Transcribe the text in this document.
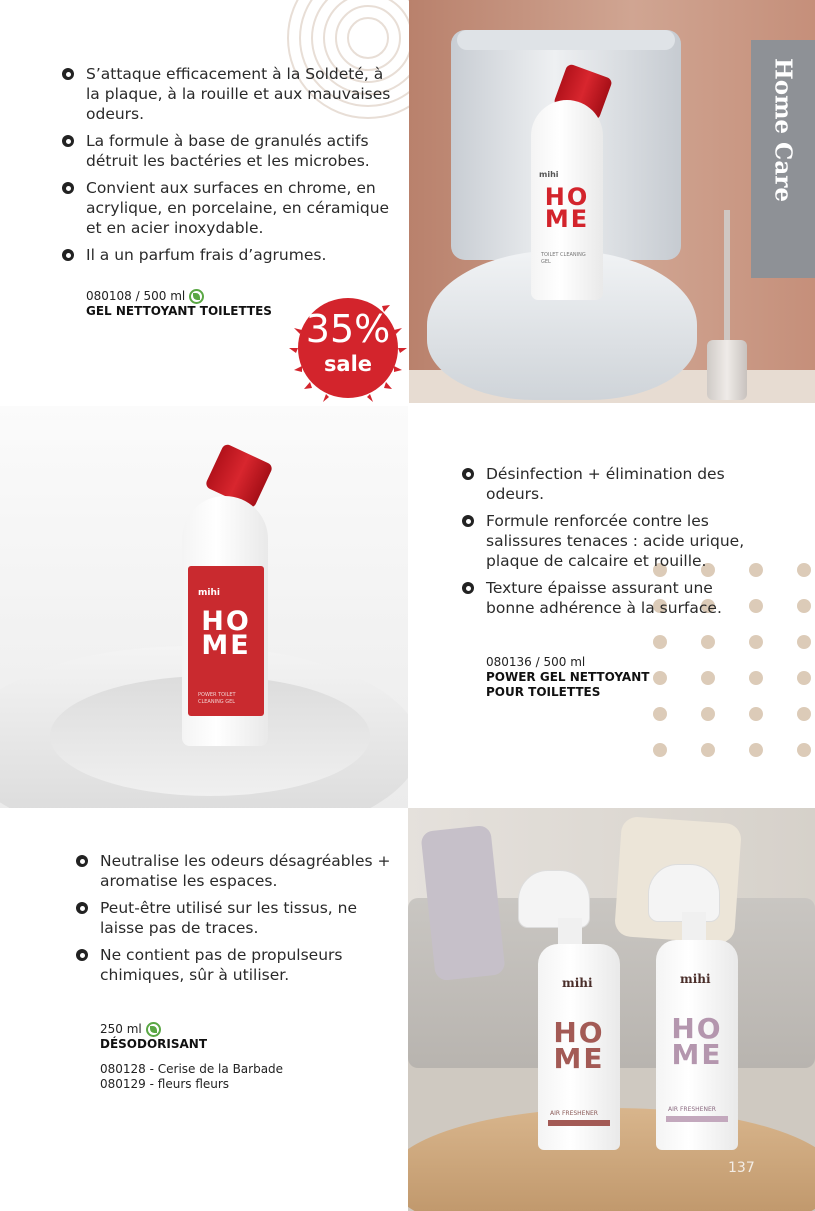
S’attaque efficacement à la Soldeté, à la plaque, à la rouille et aux mauvaises odeurs.
La formule à base de granulés actifs détruit les bactéries et les microbes.
Convient aux surfaces en chrome, en acrylique, en porcelaine, en céramique et en acier inoxydable.
Il a un parfum frais d’agrumes.
080108 / 500 ml
GEL NETTOYANT TOILETTES 35%
sale
mihi
HO
ME
TOILET CLEANING GEL
Home Care
mihi
HO
ME
POWER TOILET CLEANING GEL
Désinfection + élimination des odeurs.
Formule renforcée contre les salissures tenaces : acide urique, plaque de calcaire et rouille.
Texture épaisse assurant une bonne adhérence à la surface.
080136 / 500 ml
POWER GEL NETTOYANT
POUR TOILETTES
Neutralise les odeurs désagréables + aromatise les espaces.
Peut-être utilisé sur les tissus, ne laisse pas de traces.
Ne contient pas de propulseurs chimiques, sûr à utiliser.
250 ml
DÉSODORISANT
080128 - Cerise de la Barbade
080129 - fleurs fleurs
137
mihi
HO
ME
AIR FRESHENER
mihi
HO
ME
AIR FRESHENER
